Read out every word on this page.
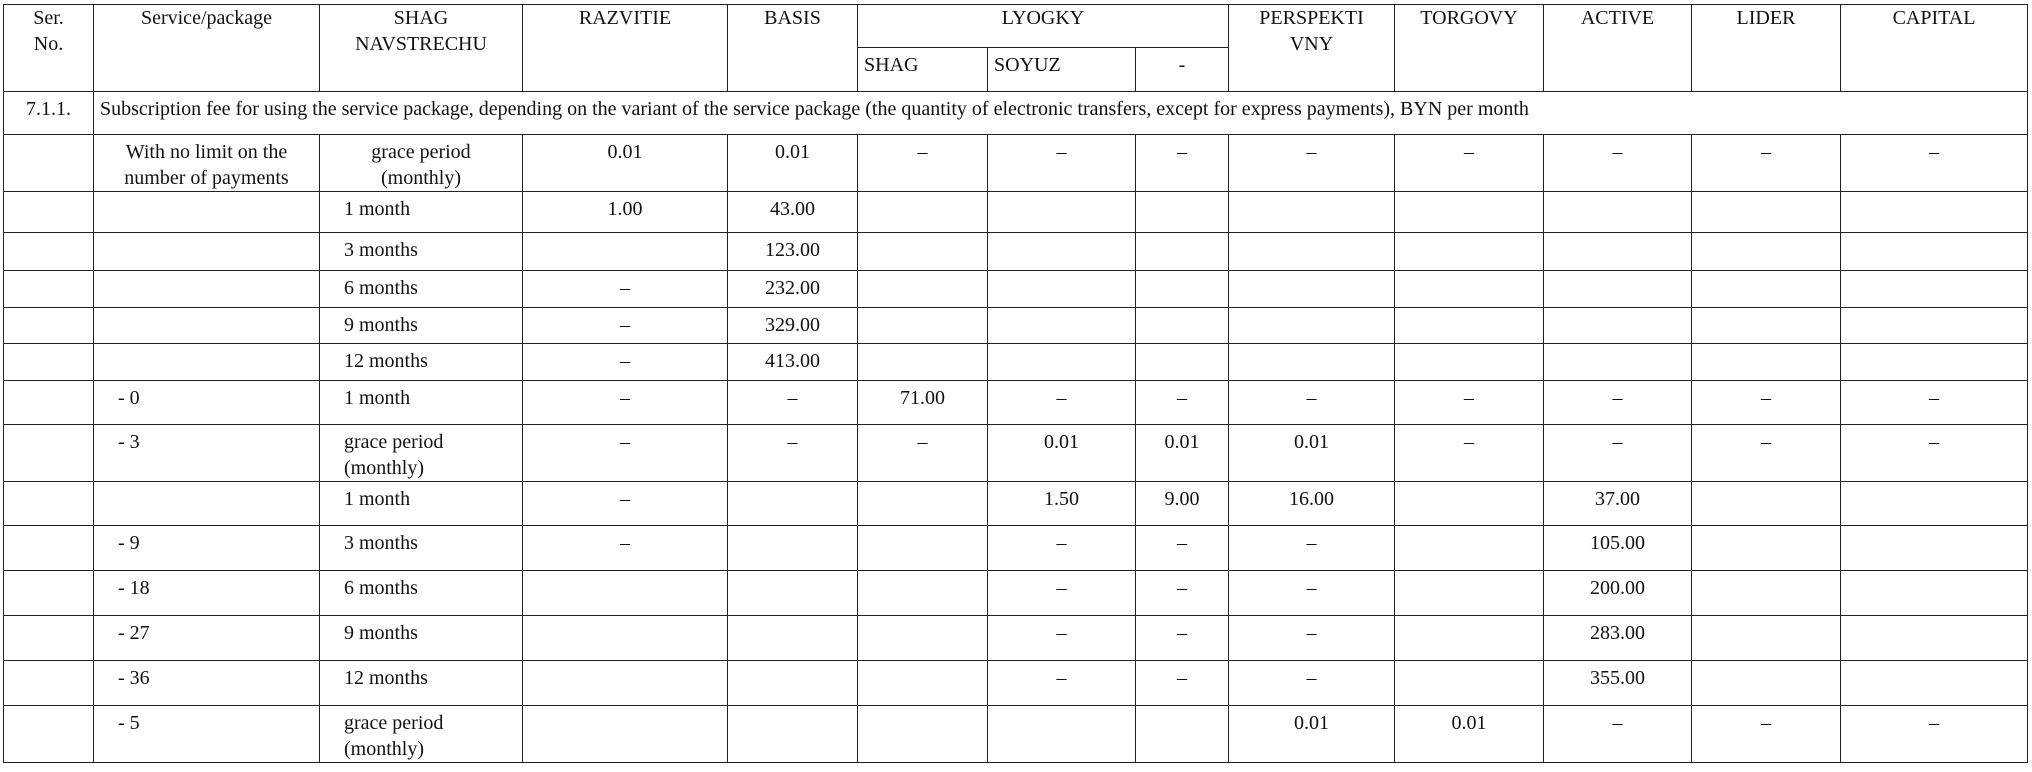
Ser.
No.	Service/package	SHAG
NAVSTRECHU	RAZVITIE	BASIS	LYOGKY			PERSPEKTI
VNY	TORGOVY	ACTIVE	LIDER	CAPITAL
					SHAG	SOYUZ	-					
7.1.1.	Subscription fee for using the service package, depending on the variant of the service package (the quantity of electronic transfers, except for express payments), BYN per month											
	With no limit on the
number of payments	grace period
(monthly)	0.01	0.01	–	–	–	–	–	–	–	–
		1 month	1.00	43.00								
		3 months		123.00								
		6 months	–	232.00								
		9 months	–	329.00								
		12 months	–	413.00								
	- 0	1 month	–	–	71.00	–	–	–	–	–	–	–
	- 3	grace period
(monthly)	–	–	–	0.01	0.01	0.01	–	–	–	–
		1 month	–			1.50	9.00	16.00		37.00		
	- 9	3 months	–			–	–	–		105.00		
	- 18	6 months				–	–	–		200.00		
	- 27	9 months				–	–	–		283.00		
	- 36	12 months				–	–	–		355.00		
	- 5	grace period
(monthly)						0.01	0.01	–	–	–
